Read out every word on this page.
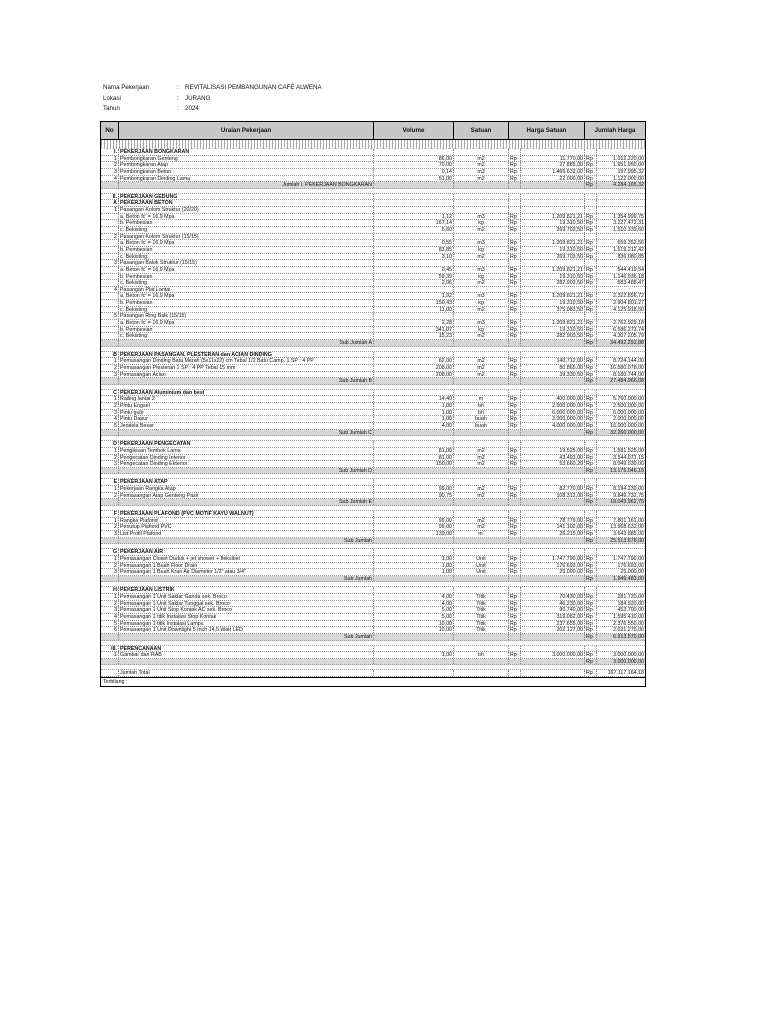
Nama Pekerjaan	:	REVITALISASI PEMBANGUNAN CAFÉ ALWENA
Lokasi	:	JURANG
Tahun	:	2024
No	Uraian Pekerjaan	Volume	Satuan	Harga Satuan	Jumlah Harga
I. PEKERJAAN BONGKARAN
1 Pembongkaran Genteng	86,00	m2	Rp	11.770,00 Rp	1.012.220,00
2 Pembongkaran Atap	70,00	m2	Rp	27.885,00 Rp	1.951.950,00
3 Pembongkaran Beton	0,14	m3	Rp	1.466.632,00 Rp	197.995,32
4 Pembongkaran Dinding Lama	51,00	m2	Rp	22.000,00 Rp	1.122.000,00
Jumlah I. PEKERJAAN BONGKARAN	Rp	4.284.165,32
II. PEKERJAAN GEDUNG
A PEKERJAAN BETON
1 Pasangan Kolom Struktur (20/20)
a. Beton fc' = 16,9 Mpa	1,12	m3	Rp	1.209.821,21 Rp	1.354.999,75
b. Pembesian	167,14	kg	Rp	19.310,50 Rp	3.227.472,31
c. Bekisting	5,60	m2	Rp	269.703,50 Rp	1.510.339,60
2 Pasangan Kolom Struktur (15/15)
a. Beton fc' = 16,9 Mpa	0,55	m3	Rp	1.209.821,21 Rp	659.352,56
b. Pembesian	83,85	kg	Rp	19.310,50 Rp	1.619.212,42
c. Bekisting	3,10	m2	Rp	269.703,50 Rp	836.080,85
3 Pasangan Balok Struktur (15/15)
a. Beton fc' = 16,9 Mpa	0,45	m3	Rp	1.209.821,21 Rp	544.419,54
b. Pembesian	59,39	kg	Rp	19.310,50 Rp	1.146.936,18
c. Bekisting	2,06	m2	Rp	282.903,50 Rp	583.488,47
4 Pasangan Plat Lantai
a. Beton fc' = 16,9 Mpa	1,92	m3	Rp	1.209.821,21 Rp	2.322.856,72
b. Pembesian	150,43	kg	Rp	19.310,50 Rp	2.904.801,27
c. Bekisting	11,00	m2	Rp	375.083,50 Rp	4.125.918,50
5 Pasangan Ring Balk (15/15)
a. Beton fc' = 16,9 Mpa	2,28	m3	Rp	1.209.821,21 Rp	2.762.929,18
b. Pembesian	341,07	kg	Rp	19.310,50 Rp	6.586.273,74
c. Bekisting	15,23	m2	Rp	282.903,50 Rp	4.307.205,79
Sub Jumlah A	Rp	34.492.292,88
B PEKERJAAN PASANGAN, PLESTERAN dan ACIAN DINDING
1 Pemasangan Dinding Bata Merah (5x11x22) cm Tebal 1/2 Batu Camp. 1 SP : 4 PP	62,00	m2	Rp	140.712,00 Rp	8.724.144,00
2 Pemasangan Plesteran 1 SP : 4 PP Tebal 15 mm	208,00	m2	Rp	80.865,00 Rp	16.580.078,00
3 Pemasangan Acian	208,00	m2	Rp	39.330,50 Rp	8.180.744,00
Sub Jumlah B	Rp	27.484.966,08
C PEKERJAAN Aluminium dan besi
1 Railing lantai 2	14,40	m	Rp	400.000,00 Rp	5.760.000,00
2 Pintu Engsel	1,00	bh	Rp	2.500.000,00 Rp	2.500.000,00
3 Pintu gulir	1,00	bh	Rp	6.000.000,00 Rp	6.000.000,00
4 Pintu Dapur	1,00	buah	Rp	2.000.000,00 Rp	2.000.000,00
5 Jendela Besar	4,00	buah	Rp	4.000.000,00 Rp	16.000.000,00
Sub Jumlah C	Rp	32.260.000,00
D PEKERJAAN PENGECATAN
1 Pengikisan Tembok Lama	81,00	m2	Rp	19.525,00 Rp	1.581.525,00
2 Pengecatan Dinding Interior	81,00	m2	Rp	43.493,00 Rp	3.544.071,15
3 Pengecatan Dinding Ekterior	150,00	m2	Rp	53.660,20 Rp	8.049.030,00
Sub Jumlah D	Rp	13.175.046,15
E PEKERJAAN ATAP
1 Pekerjaan Rangka Atap	99,00	m2	Rp	82.770,00 Rp	8.194.230,00
2 Pemasangan Atap Genteng Pasir	90,75	m2	Rp	108.312,00 Rp	9.849.732,75
Sub Jumlah E	Rp	18.043.962,75
F PEKERJAAN PLAFOND (PVC MOTIF KAYU WALNUT)
1 Rangka Plafond	99,00	m2	Rp	78.779,00 Rp	7.801.161,00
2 Penutup Plafond PVC	99,00	m2	Rp	141.102,00 Rp	13.968.632,00
3 List Profil Plafond	139,00	m'	Rp	26.215,00 Rp	3.643.885,00
Sub Jumlah	Rp	25.513.678,00
G PEKERJAAN AIR
1 Pemasangan Closet Duduk + jet shower + fleksibel	1,00	Unit	Rp	1.747.790,00 Rp	1.747.790,00
2 Pemasangan 1 Buah Floor Drain	1,00	Unit	Rp	176.693,00 Rp	176.693,00
3 Pemasangan 1 Buah Kran Air Diameter 1/2" atau 3/4"	1,00	Unit	Rp	25.000,00 Rp	25.000,00
Sub Jumlah	Rp	1.949.483,00
H PEKERJAAN LISTRIK
1 Pemasangan 1 Unit Saklar Ganda sek. Broco	4,00	Titik	Rp	70.430,00 Rp	281.720,00
2 Pemasangan 1 Unit Saklar Tunggal sek. Broco	4,00	Titik	Rp	46.230,00 Rp	184.920,00
3 Pemasangan 1 Unit Stop Kontak AC sek. Broco	5,00	Titik	Rp	90.740,00 Rp	453.700,00
4 Pemasangan 1 titik Instalasi Stop Kontak	5,00	Titik	Rp	319.082,00 Rp	1.595.410,00
5 Pemasangan 1 titik Instalasi Lampu	10,00	Titik	Rp	237.655,00 Rp	2.376.550,00
6 Pemasangan 1 Unit Downlight 5 Inch 14,5 Watt LED	10,00	Titik	Rp	202.127,00 Rp	2.021.270,00
Sub Jumlah	Rp	6.913.570,00
III. PERENCANAAN
1 Gambar dan RAB	1,00	bh	Rp	3.000.000,00 Rp	3.000.000,00
Rp	3.000.000,00
Jumlah Total	Rp	167.117.164,18
Terbilang :
